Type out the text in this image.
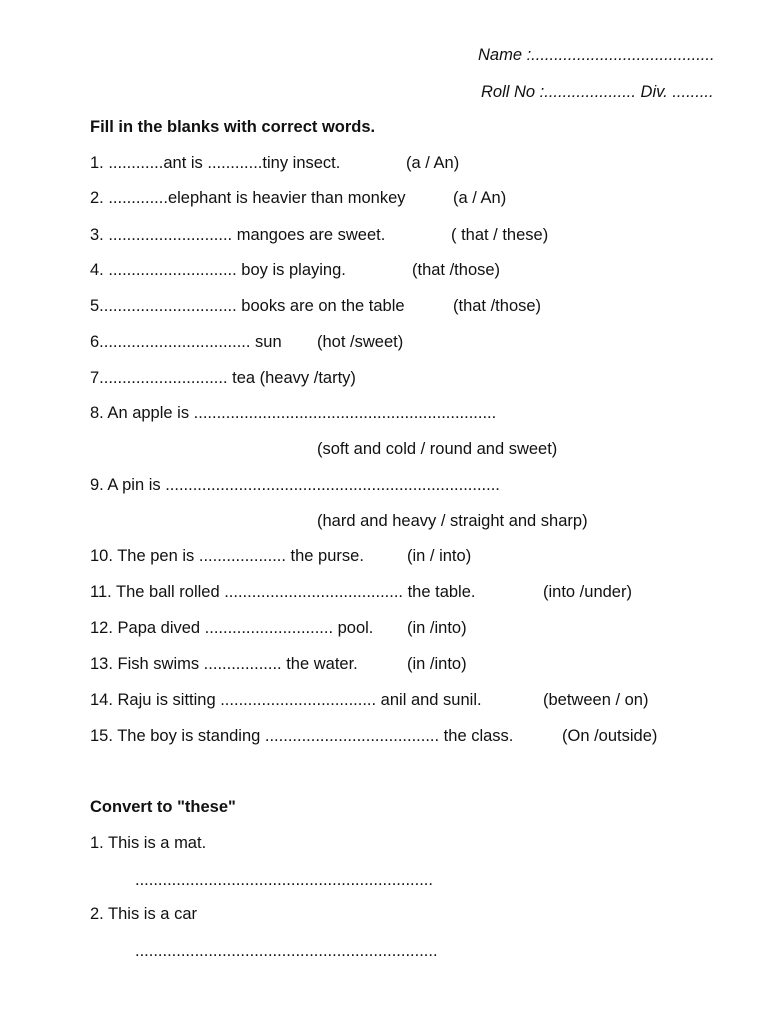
Name :........................................
Roll No :.................... Div. .........
Fill in the blanks with correct words.
1. ............ant is ............tiny insect.	(a / An)
2. .............elephant is heavier than monkey	(a / An)
3. ........................... mangoes are sweet.	( that / these)
4. ............................ boy is playing.	(that /those)
5.............................. books are on the table	(that /those)
6................................. sun (hot /sweet)
7............................ tea (heavy /tarty)
8. An apple is ..................................................................
(soft and cold / round and sweet)
9. A pin is .........................................................................
(hard and heavy / straight and sharp)
10. The pen is ................... the purse.	(in / into)
11. The ball rolled ....................................... the table.	(into /under)
12. Papa dived ............................ pool. (in /into)
13. Fish swims ................. the water.	(in /into)
14. Raju is sitting .................................. anil and sunil.	(between / on)
15. The boy is standing ...................................... the class.	(On /outside)
Convert to "these"
1. This is a mat.
.................................................................
2. This is a car
..................................................................
